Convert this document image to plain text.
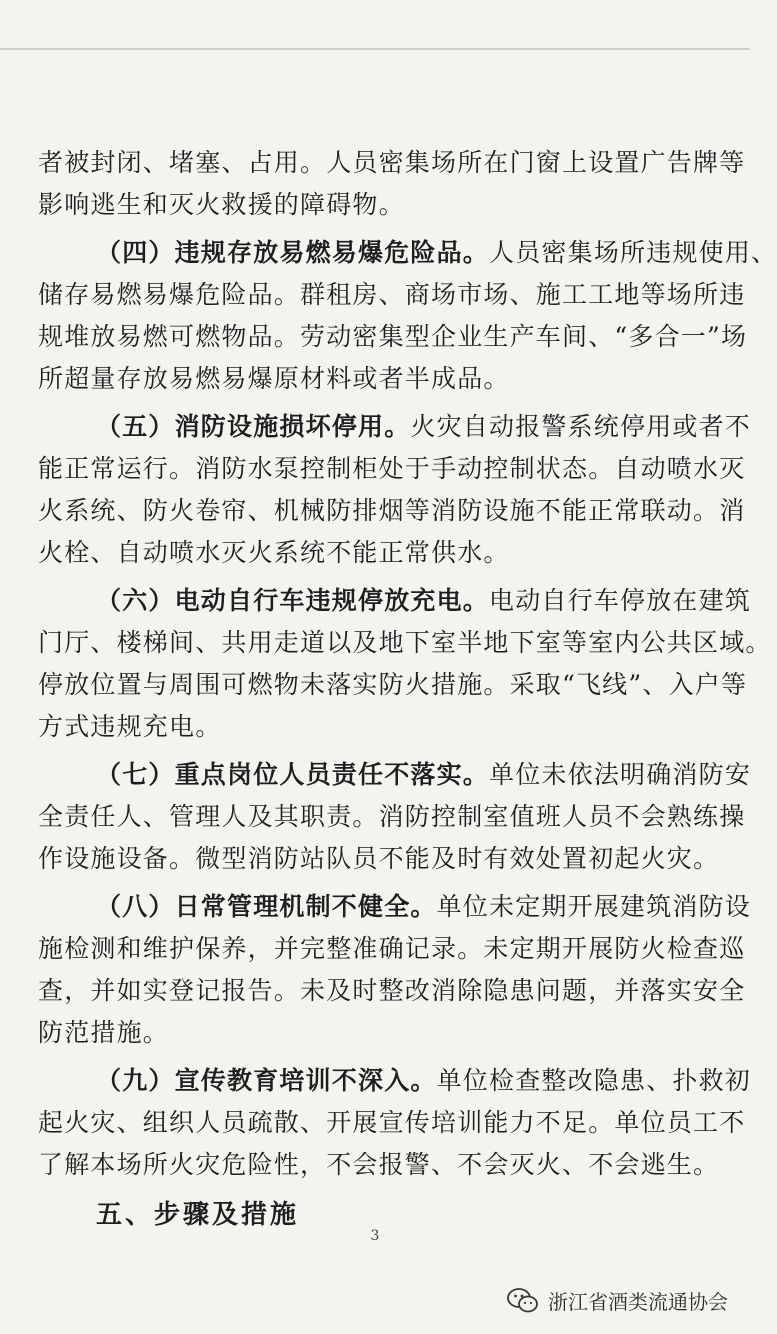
者被封闭、堵塞、占用。人员密集场所在门窗上设置广告牌等
影响逃生和灭火救援的障碍物。
（四）违规存放易燃易爆危险品。人员密集场所违规使用、
储存易燃易爆危险品。群租房、商场市场、施工工地等场所违
规堆放易燃可燃物品。劳动密集型企业生产车间、“多合一”场
所超量存放易燃易爆原材料或者半成品。
（五）消防设施损坏停用。火灾自动报警系统停用或者不
能正常运行。消防水泵控制柜处于手动控制状态。自动喷水灭
火系统、防火卷帘、机械防排烟等消防设施不能正常联动。消
火栓、自动喷水灭火系统不能正常供水。
（六）电动自行车违规停放充电。电动自行车停放在建筑
门厅、楼梯间、共用走道以及地下室半地下室等室内公共区域。
停放位置与周围可燃物未落实防火措施。采取“飞线”、入户等
方式违规充电。
（七）重点岗位人员责任不落实。单位未依法明确消防安
全责任人、管理人及其职责。消防控制室值班人员不会熟练操
作设施设备。微型消防站队员不能及时有效处置初起火灾。
（八）日常管理机制不健全。单位未定期开展建筑消防设
施检测和维护保养，并完整准确记录。未定期开展防火检查巡
查，并如实登记报告。未及时整改消除隐患问题，并落实安全
防范措施。
（九）宣传教育培训不深入。单位检查整改隐患、扑救初
起火灾、组织人员疏散、开展宣传培训能力不足。单位员工不
了解本场所火灾危险性，不会报警、不会灭火、不会逃生。
五、步骤及措施
3
浙江省酒类流通协会
